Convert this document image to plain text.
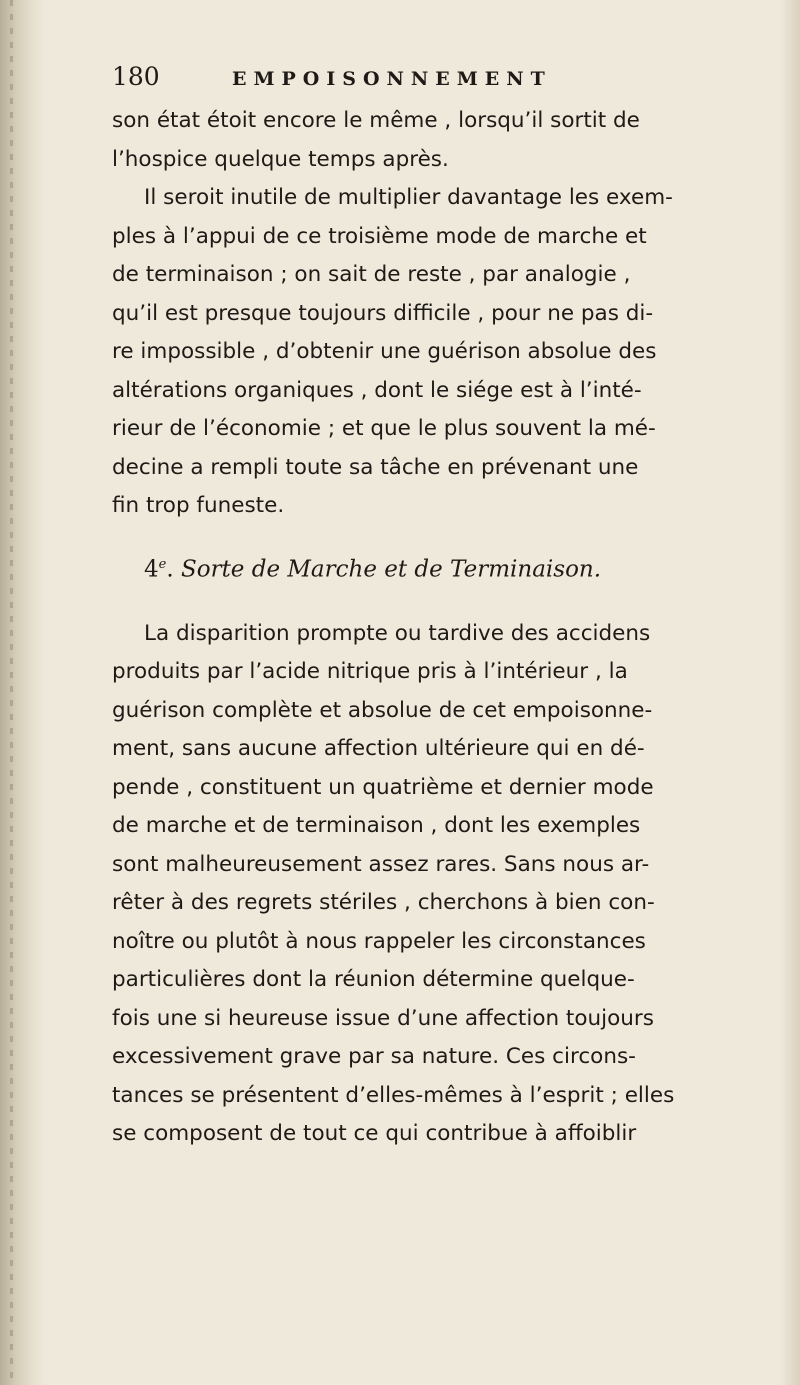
180	EMPOISONNEMENT
son état étoit encore le même , lorsqu’il sortit de
l’hospice quelque temps après.
Il seroit inutile de multiplier davantage les exem-
ples à l’appui de ce troisième mode de marche et
de terminaison ; on sait de reste , par analogie ,
qu’il est presque toujours difficile , pour ne pas di-
re impossible , d’obtenir une guérison absolue des
altérations organiques , dont le siége est à l’inté-
rieur de l’économie ; et que le plus souvent la mé-
decine a rempli toute sa tâche en prévenant une
fin trop funeste.
4e. Sorte de Marche et de Terminaison.
La disparition prompte ou tardive des accidens
produits par l’acide nitrique pris à l’intérieur , la
guérison complète et absolue de cet empoisonne-
ment, sans aucune affection ultérieure qui en dé-
pende , constituent un quatrième et dernier mode
de marche et de terminaison , dont les exemples
sont malheureusement assez rares. Sans nous ar-
rêter à des regrets stériles , cherchons à bien con-
noître ou plutôt à nous rappeler les circonstances
particulières dont la réunion détermine quelque-
fois une si heureuse issue d’une affection toujours
excessivement grave par sa nature. Ces circons-
tances se présentent d’elles-mêmes à l’esprit ; elles
se composent de tout ce qui contribue à affoiblir
